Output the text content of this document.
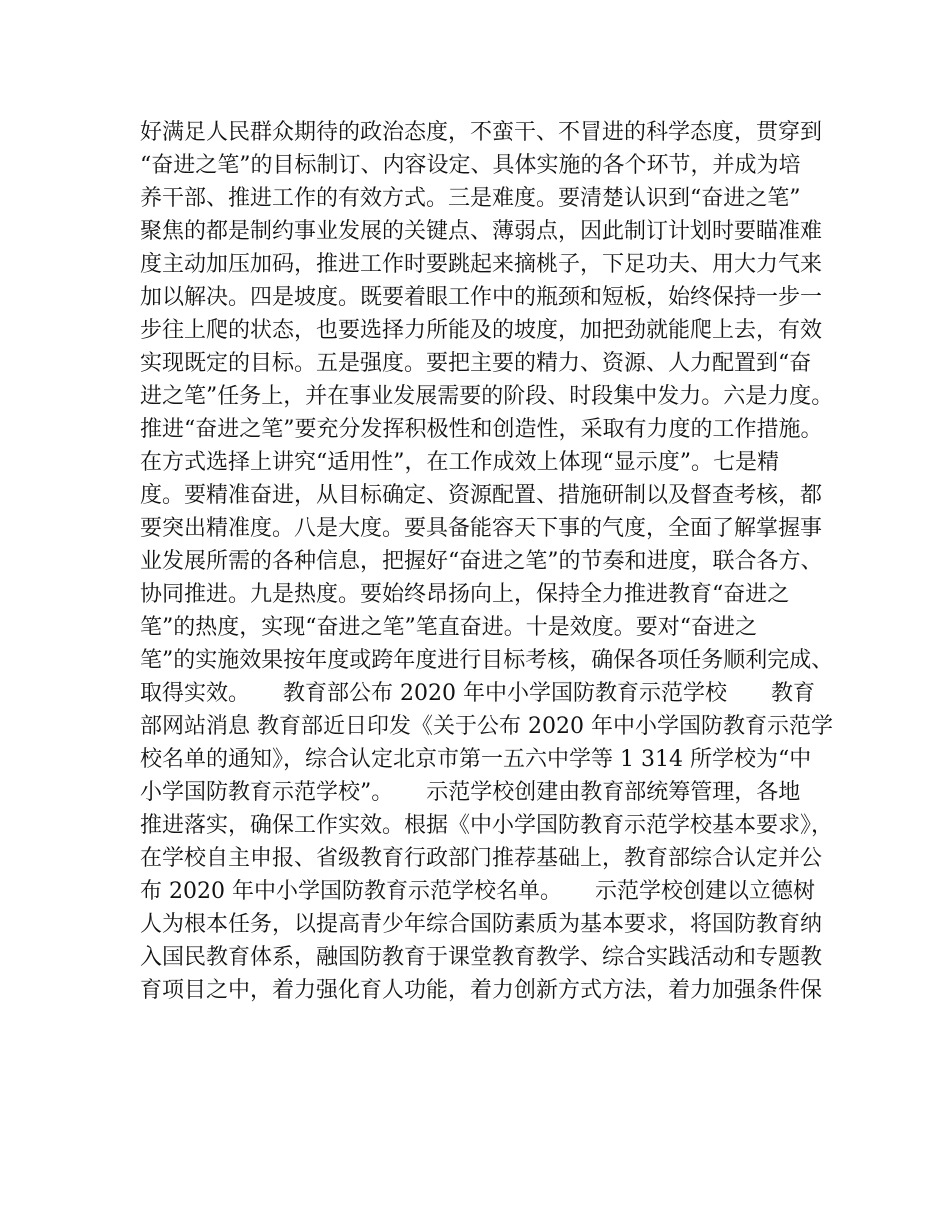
好满足人民群众期待的政治态度，不蛮干、不冒进的科学态度，贯穿到
“奋进之笔”的目标制订、内容设定、具体实施的各个环节，并成为培
养干部、推进工作的有效方式。三是难度。要清楚认识到“奋进之笔”
聚焦的都是制约事业发展的关键点、薄弱点，因此制订计划时要瞄准难
度主动加压加码，推进工作时要跳起来摘桃子，下足功夫、用大力气来
加以解决。四是坡度。既要着眼工作中的瓶颈和短板，始终保持一步一
步往上爬的状态，也要选择力所能及的坡度，加把劲就能爬上去，有效
实现既定的目标。五是强度。要把主要的精力、资源、人力配置到“奋
进之笔”任务上，并在事业发展需要的阶段、时段集中发力。六是力度。
推进“奋进之笔”要充分发挥积极性和创造性，采取有力度的工作措施。
在方式选择上讲究“适用性”，在工作成效上体现“显示度”。七是精
度。要精准奋进，从目标确定、资源配置、措施研制以及督查考核，都
要突出精准度。八是大度。要具备能容天下事的气度，全面了解掌握事
业发展所需的各种信息，把握好“奋进之笔”的节奏和进度，联合各方、
协同推进。九是热度。要始终昂扬向上，保持全力推进教育“奋进之
笔”的热度，实现“奋进之笔”笔直奋进。十是效度。要对“奋进之
笔”的实施效果按年度或跨年度进行目标考核，确保各项任务顺利完成、
取得实效。　　教育部公布 2020 年中小学国防教育示范学校　　教育
部网站消息 教育部近日印发《关于公布 2020 年中小学国防教育示范学
校名单的通知》，综合认定北京市第一五六中学等 1 314 所学校为“中
小学国防教育示范学校”。　　示范学校创建由教育部统筹管理，各地
推进落实，确保工作实效。根据《中小学国防教育示范学校基本要求》，
在学校自主申报、省级教育行政部门推荐基础上，教育部综合认定并公
布 2020 年中小学国防教育示范学校名单。　　示范学校创建以立德树
人为根本任务，以提高青少年综合国防素质为基本要求，将国防教育纳
入国民教育体系，融国防教育于课堂教育教学、综合实践活动和专题教
育项目之中，着力强化育人功能，着力创新方式方法，着力加强条件保
